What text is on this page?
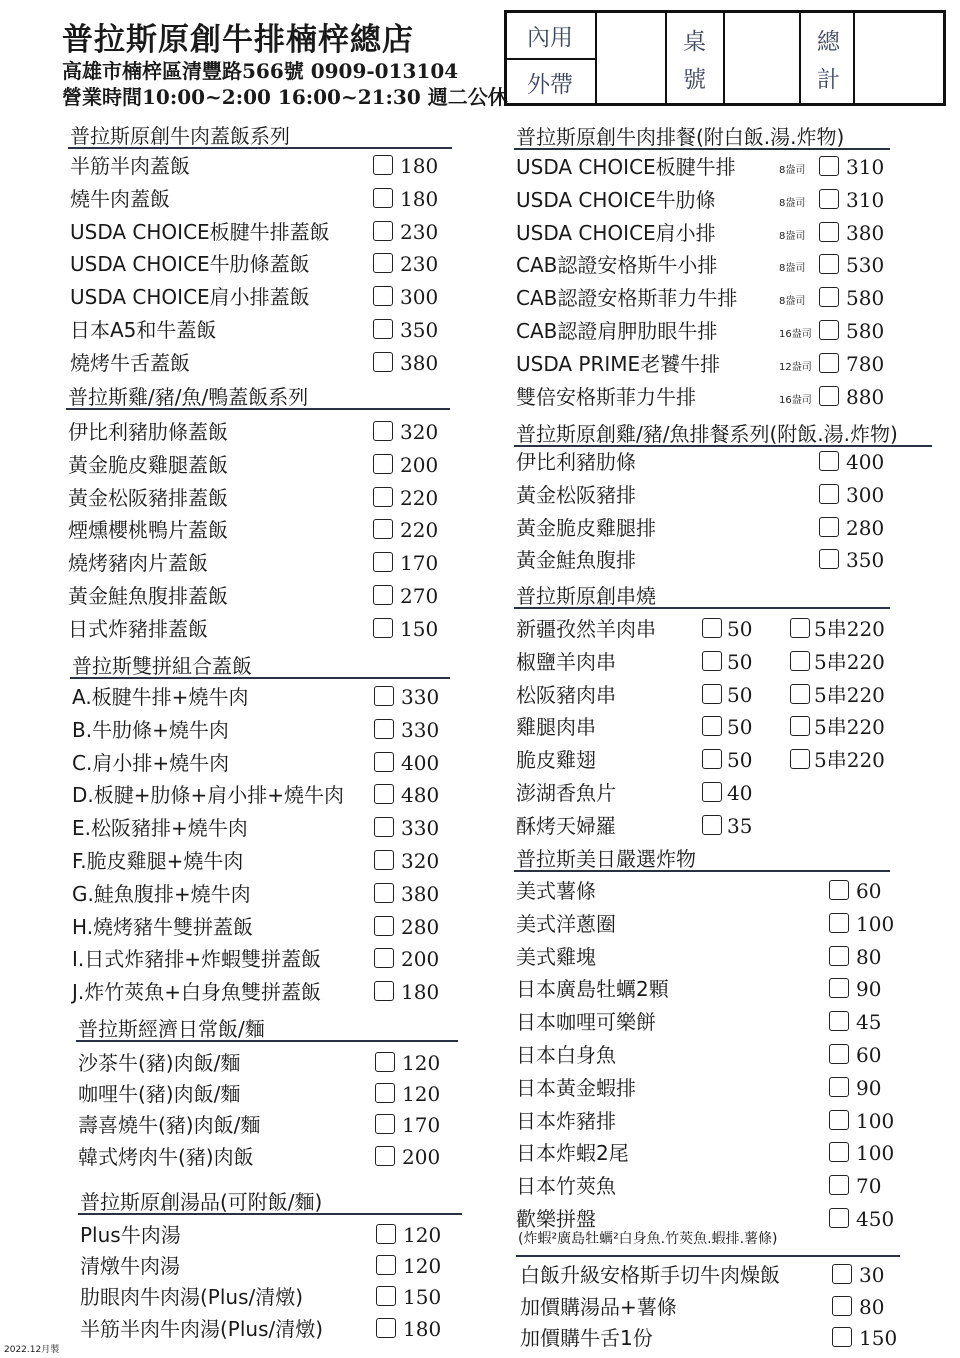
普拉斯原創牛排楠梓總店
高雄市楠梓區清豐路566號 0909-013104
營業時間10:00~2:00 16:00~21:30 週二公休
內用
外帶
桌
號
總
計
普拉斯原創牛肉蓋飯系列
半筋半肉蓋飯	180
燒牛肉蓋飯	180
USDA CHOICE板腱牛排蓋飯	230
USDA CHOICE牛肋條蓋飯	230
USDA CHOICE肩小排蓋飯	300
日本A5和牛蓋飯	350
燒烤牛舌蓋飯	380
普拉斯雞/豬/魚/鴨蓋飯系列
伊比利豬肋條蓋飯	320
黃金脆皮雞腿蓋飯	200
黃金松阪豬排蓋飯	220
煙燻櫻桃鴨片蓋飯	220
燒烤豬肉片蓋飯	170
黃金鮭魚腹排蓋飯	270
日式炸豬排蓋飯	150
普拉斯雙拼組合蓋飯
A.板腱牛排+燒牛肉	330
B.牛肋條+燒牛肉	330
C.肩小排+燒牛肉	400
D.板腱+肋條+肩小排+燒牛肉	480
E.松阪豬排+燒牛肉	330
F.脆皮雞腿+燒牛肉	320
G.鮭魚腹排+燒牛肉	380
H.燒烤豬牛雙拼蓋飯	280
I.日式炸豬排+炸蝦雙拼蓋飯	200
J.炸竹莢魚+白身魚雙拼蓋飯	180
普拉斯經濟日常飯/麵
沙茶牛(豬)肉飯/麵	120
咖哩牛(豬)肉飯/麵	120
壽喜燒牛(豬)肉飯/麵	170
韓式烤肉牛(豬)肉飯	200
普拉斯原創湯品(可附飯/麵)
Plus牛肉湯	120
清燉牛肉湯	120
肋眼肉牛肉湯(Plus/清燉)	150
半筋半肉牛肉湯(Plus/清燉)	180
普拉斯原創牛肉排餐(附白飯.湯.炸物)
USDA CHOICE板腱牛排	8盎司 310
USDA CHOICE牛肋條	8盎司 310
USDA CHOICE肩小排	8盎司 380
CAB認證安格斯牛小排	8盎司 530
CAB認證安格斯菲力牛排	8盎司 580
CAB認證肩胛肋眼牛排	16盎司 580
USDA PRIME老饕牛排	12盎司 780
雙倍安格斯菲力牛排	16盎司 880
普拉斯原創雞/豬/魚排餐系列(附飯.湯.炸物)
伊比利豬肋條	400
黃金松阪豬排	300
黃金脆皮雞腿排	280
黃金鮭魚腹排	350
普拉斯原創串燒
新疆孜然羊肉串	50	5串220
椒鹽羊肉串	50	5串220
松阪豬肉串	50	5串220
雞腿肉串	50	5串220
脆皮雞翅	50	5串220
澎湖香魚片	40
酥烤天婦羅	35
普拉斯美日嚴選炸物
美式薯條	60
美式洋蔥圈	100
美式雞塊	80
日本廣島牡蠣2顆	90
日本咖哩可樂餅	45
日本白身魚	60
日本黃金蝦排	90
日本炸豬排	100
日本炸蝦2尾	100
日本竹莢魚	70
歡樂拼盤	450
(炸蝦²廣島牡蠣²白身魚.竹莢魚.蝦排.薯條)
白飯升級安格斯手切牛肉燥飯	30
加價購湯品+薯條	80
加價購牛舌1份	150
2022.12月製
